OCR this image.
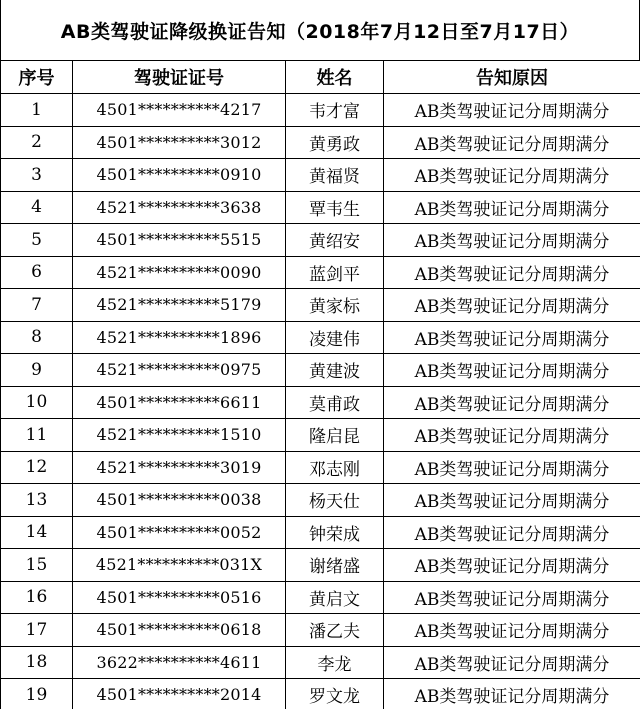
AB类驾驶证降级换证告知（2018年7月12日至7月17日）
序号	驾驶证证号	姓名	告知原因
1	4501**********4217	韦才富	AB类驾驶证记分周期满分
2	4501**********3012	黄勇政	AB类驾驶证记分周期满分
3	4501**********0910	黄福贤	AB类驾驶证记分周期满分
4	4521**********3638	覃韦生	AB类驾驶证记分周期满分
5	4501**********5515	黄绍安	AB类驾驶证记分周期满分
6	4521**********0090	蓝剑平	AB类驾驶证记分周期满分
7	4521**********5179	黄家标	AB类驾驶证记分周期满分
8	4521**********1896	凌建伟	AB类驾驶证记分周期满分
9	4521**********0975	黄建波	AB类驾驶证记分周期满分
10	4501**********6611	莫甫政	AB类驾驶证记分周期满分
11	4521**********1510	隆启昆	AB类驾驶证记分周期满分
12	4521**********3019	邓志刚	AB类驾驶证记分周期满分
13	4501**********0038	杨天仕	AB类驾驶证记分周期满分
14	4501**********0052	钟荣成	AB类驾驶证记分周期满分
15	4521**********031X	谢绪盛	AB类驾驶证记分周期满分
16	4501**********0516	黄启文	AB类驾驶证记分周期满分
17	4501**********0618	潘乙夫	AB类驾驶证记分周期满分
18	3622**********4611	李龙	AB类驾驶证记分周期满分
19	4501**********2014	罗文龙	AB类驾驶证记分周期满分
